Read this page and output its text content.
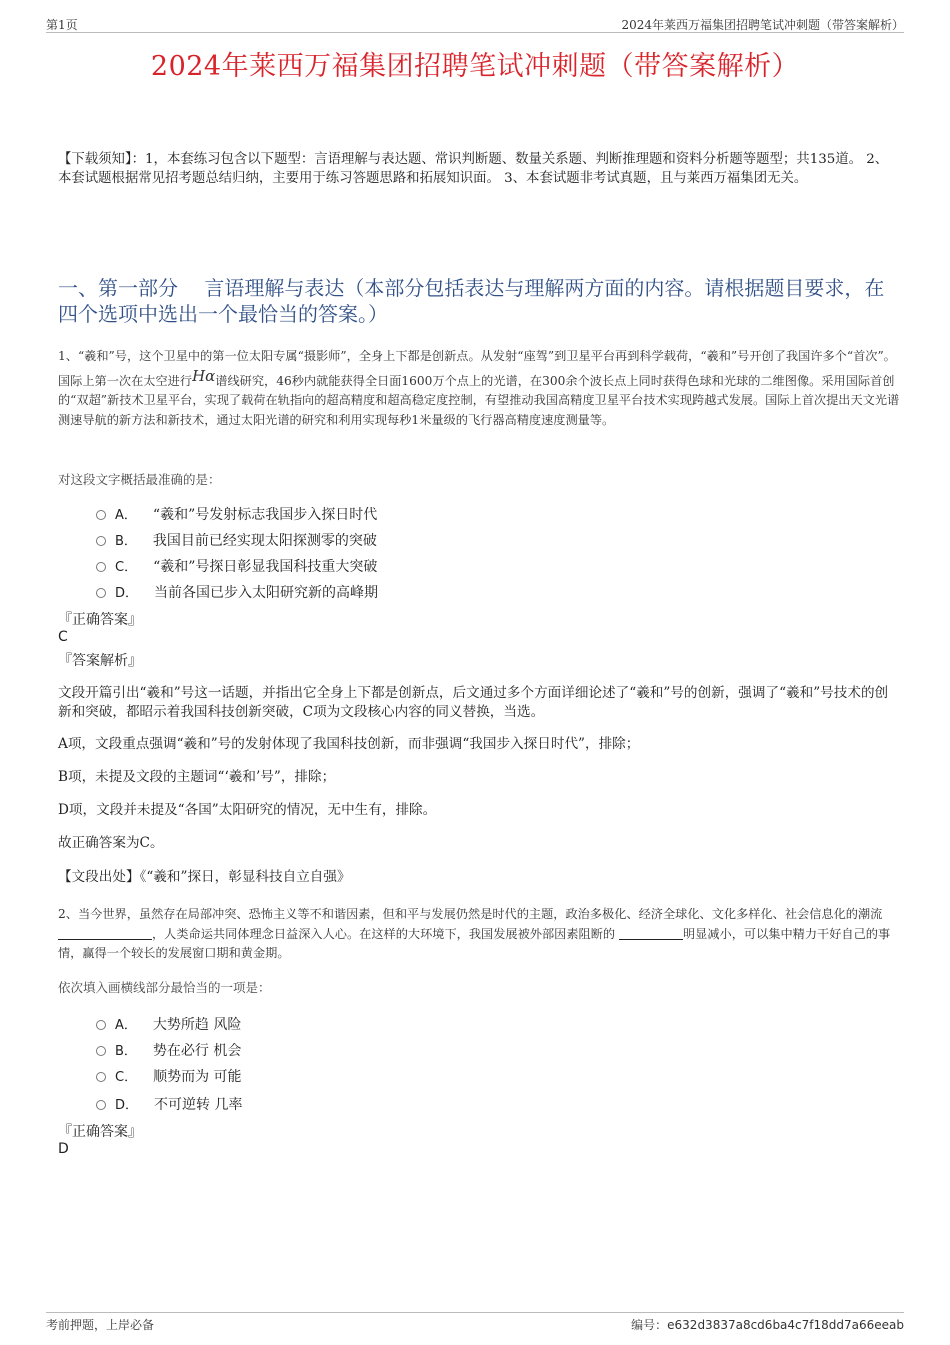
第1页	2024年莱西万福集团招聘笔试冲刺题（带答案解析）
2024年莱西万福集团招聘笔试冲刺题（带答案解析）
【下载须知】：1，本套练习包含以下题型：言语理解与表达题、常识判断题、数量关系题、判断推理题和资料分析题等题型；共135道。 2、本套试题根据常见招考题总结归纳，主要用于练习答题思路和拓展知识面。 3、本套试题非考试真题，且与莱西万福集团无关。
一、第一部分　 言语理解与表达（本部分包括表达与理解两方面的内容。请根据题目要求，在四个选项中选出一个最恰当的答案。）
1、“羲和”号，这个卫星中的第一位太阳专属“摄影师”，全身上下都是创新点。从发射“座驾”到卫星平台再到科学载荷，“羲和”号开创了我国许多个“首次”。国际上第一次在太空进行Hα谱线研究，46秒内就能获得全日面1600万个点上的光谱，在300余个波长点上同时获得色球和光球的二维图像。采用国际首创的“双超”新技术卫星平台，实现了载荷在轨指向的超高精度和超高稳定度控制，有望推动我国高精度卫星平台技术实现跨越式发展。国际上首次提出天文光谱测速导航的新方法和新技术，通过太阳光谱的研究和利用实现每秒1米量级的飞行器高精度速度测量等。
对这段文字概括最准确的是：
A． “羲和”号发射标志我国步入探日时代
B． 我国目前已经实现太阳探测零的突破
C． “羲和”号探日彰显我国科技重大突破
D． 当前各国已步入太阳研究新的高峰期
『正确答案』
C
『答案解析』
文段开篇引出“羲和”号这一话题，并指出它全身上下都是创新点，后文通过多个方面详细论述了“羲和”号的创新，强调了“羲和”号技术的创新和突破，都昭示着我国科技创新突破，C项为文段核心内容的同义替换，当选。
A项，文段重点强调“羲和”号的发射体现了我国科技创新，而非强调“我国步入探日时代”，排除；
B项，未提及文段的主题词“‘羲和’号”，排除；
D项，文段并未提及“各国”太阳研究的情况，无中生有，排除。
故正确答案为C。
【文段出处】《“羲和”探日，彰显科技自立自强》
2、当今世界，虽然存在局部冲突、恐怖主义等不和谐因素，但和平与发展仍然是时代的主题，政治多极化、经济全球化、文化多样化、社会信息化的潮流 ，人类命运共同体理念日益深入人心。在这样的大环境下，我国发展被外部因素阻断的	明显减小，可以集中精力干好自己的事情，赢得一个较长的发展窗口期和黄金期。
依次填入画横线部分最恰当的一项是：
A． 大势所趋 风险
B． 势在必行 机会
C． 顺势而为 可能
D． 不可逆转 几率
『正确答案』
D
考前押题，上岸必备	编号：e632d3837a8cd6ba4c7f18dd7a66eeab
